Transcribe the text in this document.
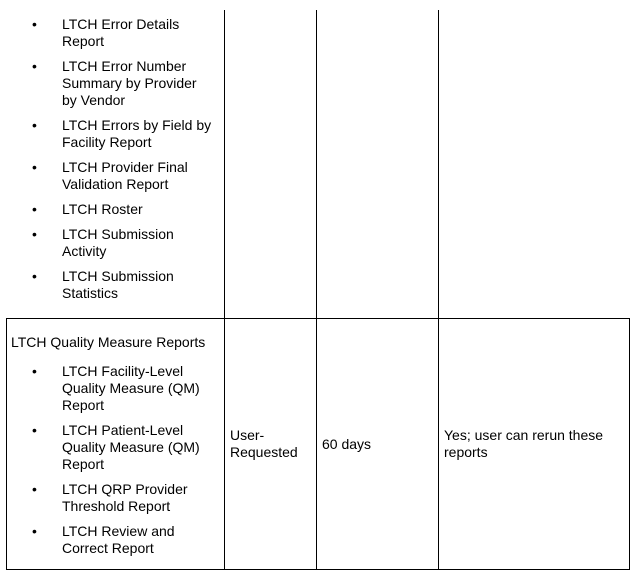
• LTCH Error Details Report
• LTCH Error Number Summary by Provider by Vendor
• LTCH Errors by Field by Facility Report
• LTCH Provider Final Validation Report
• LTCH Roster
• LTCH Submission Activity
• LTCH Submission Statistics
LTCH Quality Measure Reports
• LTCH Facility-Level Quality Measure (QM) Report
• LTCH Patient-Level Quality Measure (QM) Report
• LTCH QRP Provider Threshold Report
• LTCH Review and Correct Report
User-Requested	60 days
Yes; user can rerun these reports
